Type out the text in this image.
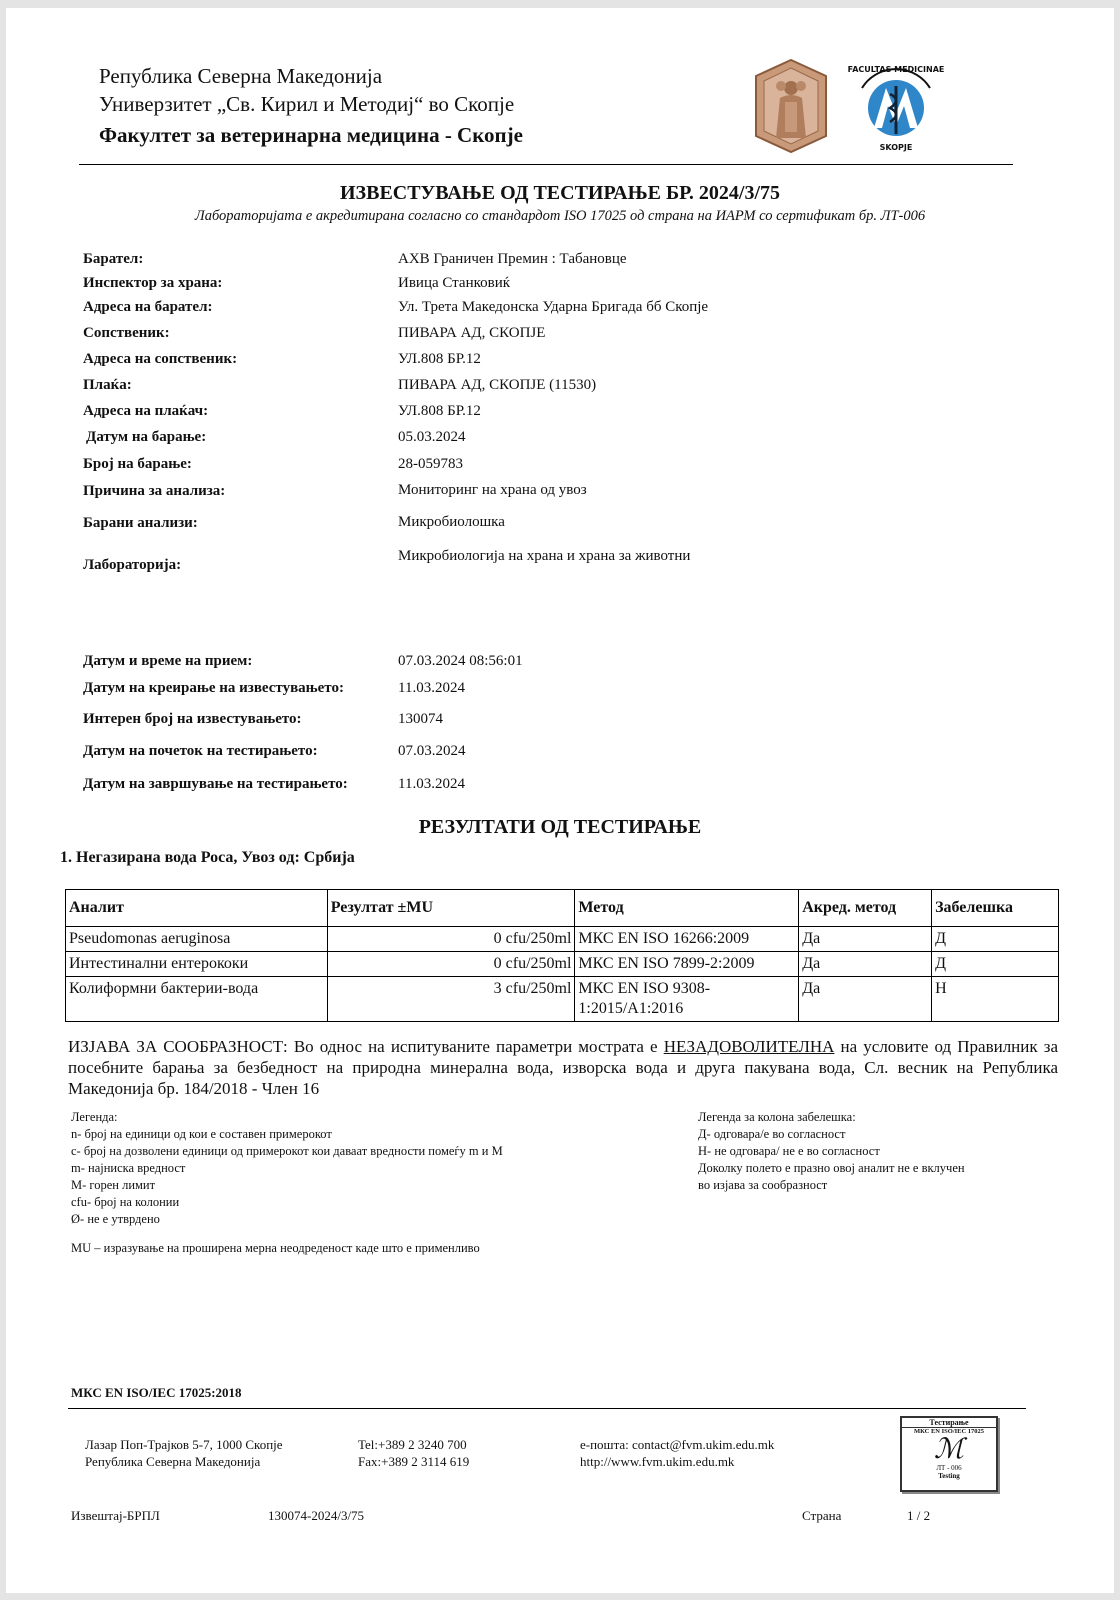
Република Северна Македонија
Универзитет „Св. Кирил и Методиј“ во Скопје
Факултет за ветеринарна медицина - Скопје
FACULTAS MEDICINAE
SKOPJE
ИЗВЕСТУВАЊЕ ОД ТЕСТИРАЊЕ БР. 2024/3/75
Лабораторијата е акредитирана согласно со стандардот ISO 17025 од страна на ИАРМ со сертификат бр. ЛТ-006
Барател:	АХВ Граничен Премин : Табановце
Инспектор за храна:	Ивица Станковиќ
Адреса на барател:	Ул. Трета Македонска Ударна Бригада бб Скопје
Сопственик:	ПИВАРА АД, СКОПЈЕ
Адреса на сопственик:	УЛ.808 БР.12
Плаќа:	ПИВАРА АД, СКОПЈЕ (11530)
Адреса на плаќач:	УЛ.808 БР.12
Датум на барање:	05.03.2024
Број на барање:	28-059783
Причина за анализа:	Мониторинг на храна од увоз
Барани анализи:	Микробиолошка
Лабораторија:
Микробиологија на храна и храна за животни
Датум и време на прием:	07.03.2024 08:56:01
Датум на креирање на известувањето:	11.03.2024
Интерен број на известувањето:	130074
Датум на почеток на тестирањето:	07.03.2024
Датум на завршување на тестирањето:	11.03.2024
РЕЗУЛТАТИ ОД ТЕСТИРАЊЕ
1. Негазирана вода Роса, Увоз од: Србија
Аналит	Резултат ±MU	Метод	Акред. метод	Забелешка
Pseudomonas aeruginosa	0 cfu/250ml	МКС EN ISO 16266:2009	Да	Д
Интестинални ентерококи	0 cfu/250ml	МКС EN ISO 7899-2:2009	Да	Д
Колиформни бактерии-вода	3 cfu/250ml	МКС EN ISO 9308-1:2015/A1:2016	Да	Н
ИЗЈАВА ЗА СООБРАЗНОСТ: Во однос на испитуваните параметри мострата е НЕЗАДОВОЛИТЕЛНА на условите од Правилник за посебните барања за безбедност на природна минерална вода, изворска вода и друга пакувана вода, Сл. весник на Република Македонија бр. 184/2018 - Член 16
Легенда:
n- број на единици од кои е составен примерокот
c- број на дозволени единици од примерокот кои даваат вредности помеѓу m и M
m- најниска вредност
M- горен лимит
cfu- број на колонии
Ø- не е утврдено
MU – изразување на проширена мерна неодреденост каде што е применливо
Легенда за колона забелешка:
Д- одговара/е во согласност
Н- не одговара/ не е во согласност
Доколку полето е празно овој аналит не е вклучен
во изјава за сообразност
МКС EN ISO/IEC 17025:2018
Лазар Поп-Трајков 5-7, 1000 Скопје
Република Северна Македонија
Tel:+389 2 3240 700
Fax:+389 2 3114 619
e-пошта: contact@fvm.ukim.edu.mk
http://www.fvm.ukim.edu.mk
Тестирање
МКС EN ISO/IEC 17025
ℳ
ЛТ - 006
Testing
Извештај-БРПЛ	130074-2024/3/75	Страна	1 / 2
